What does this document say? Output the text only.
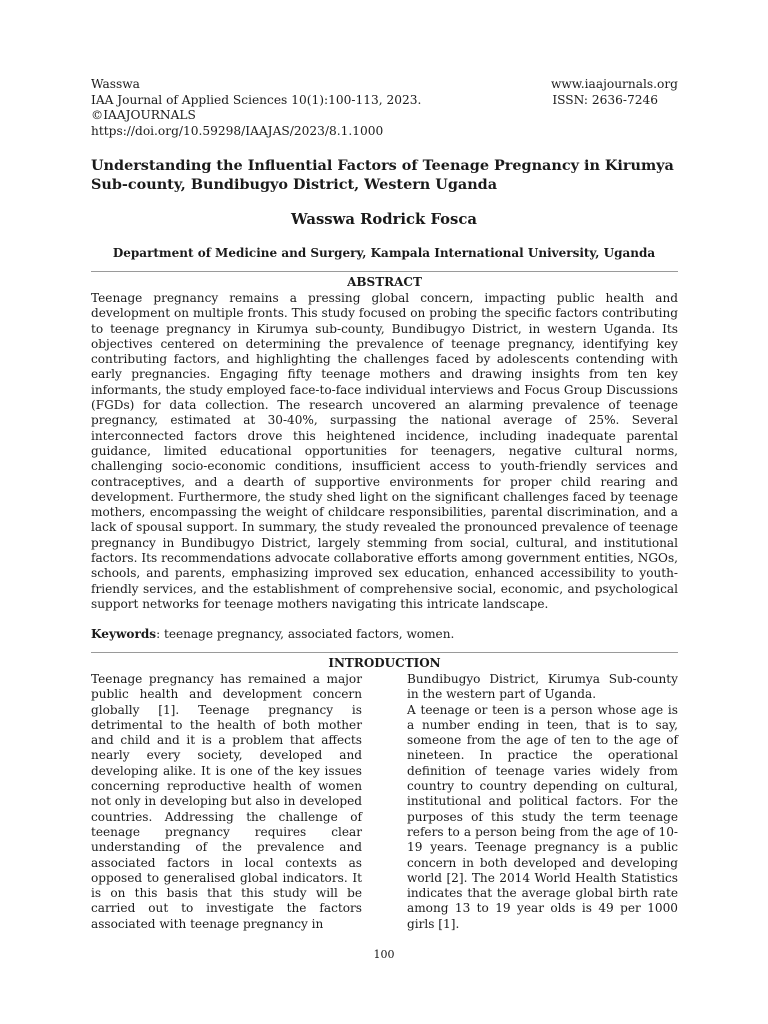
Wasswa
IAA Journal of Applied Sciences 10(1):100-113, 2023.
©IAAJOURNALS
https://doi.org/10.59298/IAAJAS/2023/8.1.1000
www.iaajournals.org
ISSN: 2636-7246
Understanding the Influential Factors of Teenage Pregnancy in Kirumya Sub-county, Bundibugyo District, Western Uganda
Wasswa Rodrick Fosca
Department of Medicine and Surgery, Kampala International University, Uganda
ABSTRACT

Teenage pregnancy remains a pressing global concern, impacting public health and development on multiple fronts. This study focused on probing the specific factors contributing to teenage pregnancy in Kirumya sub-county, Bundibugyo District, in western Uganda. Its objectives centered on determining the prevalence of teenage pregnancy, identifying key contributing factors, and highlighting the challenges faced by adolescents contending with early pregnancies. Engaging fifty teenage mothers and drawing insights from ten key informants, the study employed face-to-face individual interviews and Focus Group Discussions (FGDs) for data collection. The research uncovered an alarming prevalence of teenage pregnancy, estimated at 30-40%, surpassing the national average of 25%. Several interconnected factors drove this heightened incidence, including inadequate parental guidance, limited educational opportunities for teenagers, negative cultural norms, challenging socio-economic conditions, insufficient access to youth-friendly services and contraceptives, and a dearth of supportive environments for proper child rearing and development. Furthermore, the study shed light on the significant challenges faced by teenage mothers, encompassing the weight of childcare responsibilities, parental discrimination, and a lack of spousal support. In summary, the study revealed the pronounced prevalence of teenage pregnancy in Bundibugyo District, largely stemming from social, cultural, and institutional factors. Its recommendations advocate collaborative efforts among government entities, NGOs, schools, and parents, emphasizing improved sex education, enhanced accessibility to youth-friendly services, and the establishment of comprehensive social, economic, and psychological support networks for teenage mothers navigating this intricate landscape.

Keywords: teenage pregnancy, associated factors, women.

INTRODUCTION

Teenage pregnancy has remained a major public health and development concern globally [1]. Teenage pregnancy is detrimental to the health of both mother and child and it is a problem that affects nearly every society, developed and developing alike. It is one of the key issues concerning reproductive health of women not only in developing but also in developed countries. Addressing the challenge of teenage pregnancy requires clear understanding of the prevalence and associated factors in local contexts as opposed to generalised global indicators. It is on this basis that this study will be carried out to investigate the factors associated with teenage pregnancy in

Bundibugyo District, Kirumya Sub-county in the western part of Uganda.

A teenage or teen is a person whose age is a number ending in teen, that is to say, someone from the age of ten to the age of nineteen. In practice the operational definition of teenage varies widely from country to country depending on cultural, institutional and political factors. For the purposes of this study the term teenage refers to a person being from the age of 10- 19 years. Teenage pregnancy is a public concern in both developed and developing world [2]. The 2014 World Health Statistics indicates that the average global birth rate among 13 to 19 year olds is 49 per 1000 girls [1].

100
